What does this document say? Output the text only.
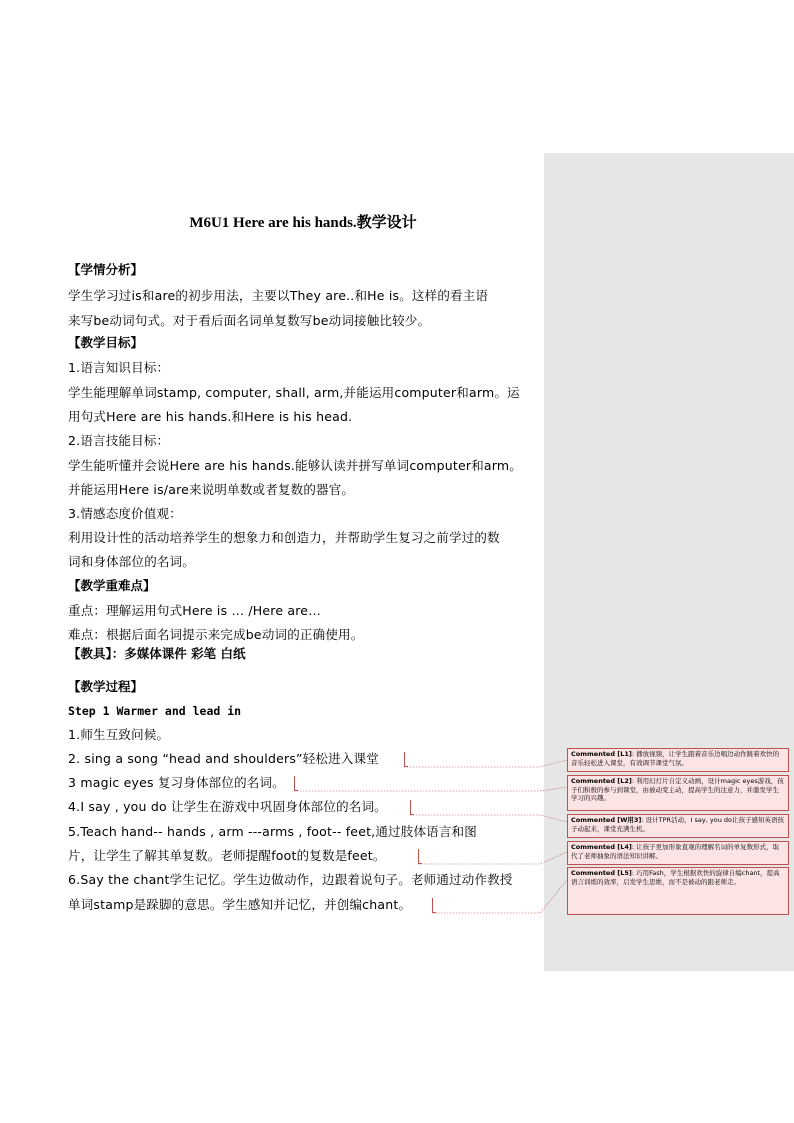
M6U1 Here are his hands.教学设计
【学情分析】
学生学习过is和are的初步用法，主要以They are..和He is。这样的看主语
来写be动词句式。对于看后面名词单复数写be动词接触比较少。
【教学目标】
1.语言知识目标：
学生能理解单词stamp, computer, shall, arm,并能运用computer和arm。运
用句式Here are his hands.和Here is his head.
2.语言技能目标：
学生能听懂并会说Here are his hands.能够认读并拼写单词computer和arm。
并能运用Here is/are来说明单数或者复数的器官。
3.情感态度价值观：
利用设计性的活动培养学生的想象力和创造力，并帮助学生复习之前学过的数
词和身体部位的名词。
【教学重难点】
重点：理解运用句式Here is … /Here are…
难点：根据后面名词提示来完成be动词的正确使用。
【教具】：多媒体课件 彩笔 白纸
【教学过程】
Step 1 Warmer and lead in
1.师生互致问候。
2. sing a song “head and shoulders”轻松进入课堂
3 magic eyes 复习身体部位的名词。
4.I say , you do 让学生在游戏中巩固身体部位的名词。
5.Teach hand-- hands , arm ---arms , foot-- feet,通过肢体语言和图
片，让学生了解其单复数。老师提醒foot的复数是feet。
6.Say the chant学生记忆。学生边做动作，边跟着说句子。老师通过动作教授
单词stamp是跺脚的意思。学生感知并记忆，并创编chant。
Commented [L1]: 播放视频，让学生跟着音乐边唱边动作跳着欢快的音乐轻松进入课堂，有效调节课堂气氛。
Commented [L2]: 利用幻灯片自定义动画，设计magic eyes游戏，孩子们积极的参与到课堂，由被动变主动，提高学生的注意力，并激发学生学习的兴趣。
Commented [W用3]: 设计TPR活动，I say, you do让孩子感知英语孩子动起来，课堂充满生机。
Commented [L4]: 让孩子更加形象直观的理解名词的单复数形式，取代了老师抽象的语法知识讲解。
Commented [L5]: 巧用Fash，学生根据欢快的旋律自编chant，提高语言训练的效率，启发学生思维，而不是被动的跟老师走。
